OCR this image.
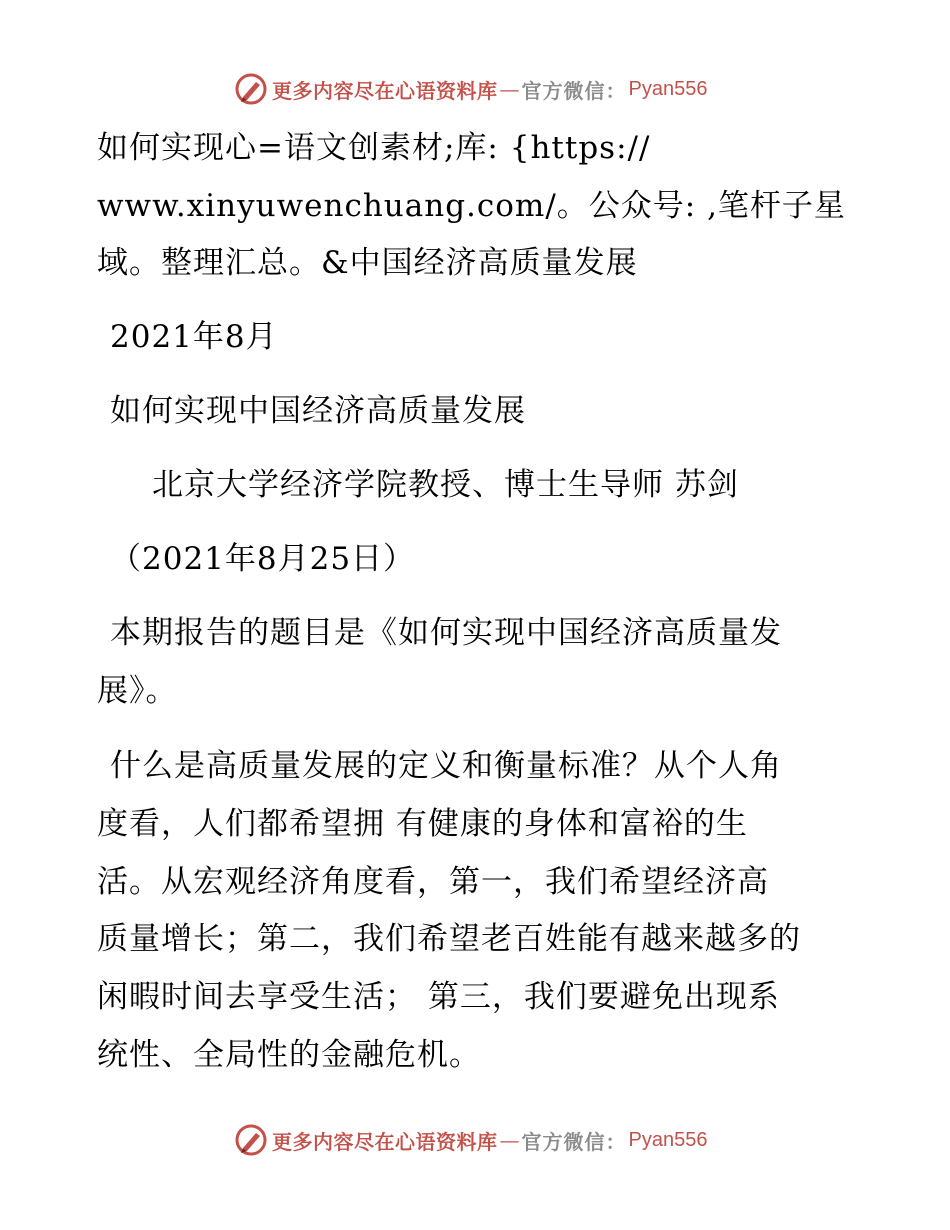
更多内容尽在心语资料库 — 官方微信： Pyan556
如何实现心=语文创素材;库: {https://
www.xinyuwenchuang.com/。公众号: ,笔杆子星
域。整理汇总。&中国经济高质量发展
2021年8月
如何实现中国经济高质量发展
北京大学经济学院教授、博士生导师 苏剑
（2021年8月25日）
本期报告的题目是《如何实现中国经济高质量发
展》。
什么是高质量发展的定义和衡量标准？从个人角
度看，人们都希望拥 有健康的身体和富裕的生
活。从宏观经济角度看，第一，我们希望经济高
质量增长；第二，我们希望老百姓能有越来越多的
闲暇时间去享受生活； 第三，我们要避免出现系
统性、全局性的金融危机。
更多内容尽在心语资料库 — 官方微信： Pyan556
